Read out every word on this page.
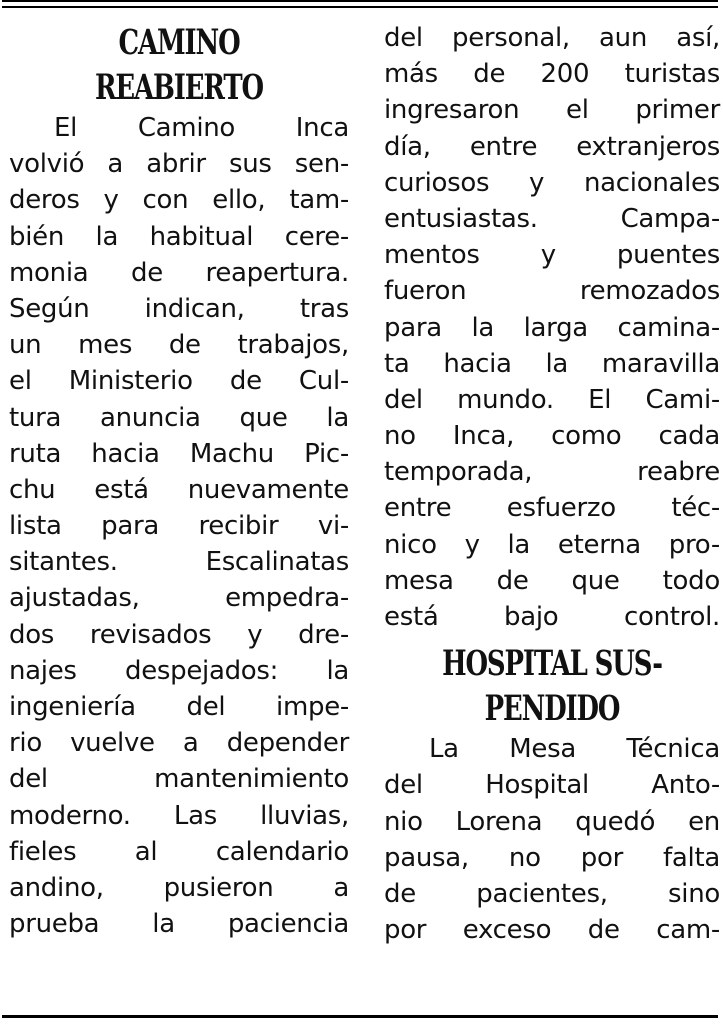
CAMINO
REABIERTO
El	Camino	Inca
volvió a abrir sus sen-
deros y con ello, tam-
bién la habitual cere-
monia de reapertura.
Según indican, tras
un mes de trabajos,
el Ministerio de Cul-
tura anuncia que la
ruta hacia Machu Pic-
chu está nuevamente
lista para recibir vi-
sitantes.	Escalinatas
ajustadas,	empedra-
dos revisados y dre-
najes despejados: la
ingeniería del impe-
rio vuelve a depender
del	mantenimiento
moderno. Las lluvias,
fieles al calendario
andino, pusieron a
prueba la paciencia
del personal, aun así,
más de 200 turistas
ingresaron el primer
día, entre extranjeros
curiosos y nacionales
entusiastas.	Campa-
mentos y puentes
fueron	remozados
para la larga camina-
ta hacia la maravilla
del mundo. El Cami-
no Inca, como cada
temporada,	reabre
entre esfuerzo téc-
nico y la eterna pro-
mesa de que todo
está	bajo	control.
HOSPITAL SUS-
PENDIDO
La	Mesa	Técnica
del Hospital Anto-
nio Lorena quedó en
pausa, no por falta
de pacientes, sino
por exceso de cam-
